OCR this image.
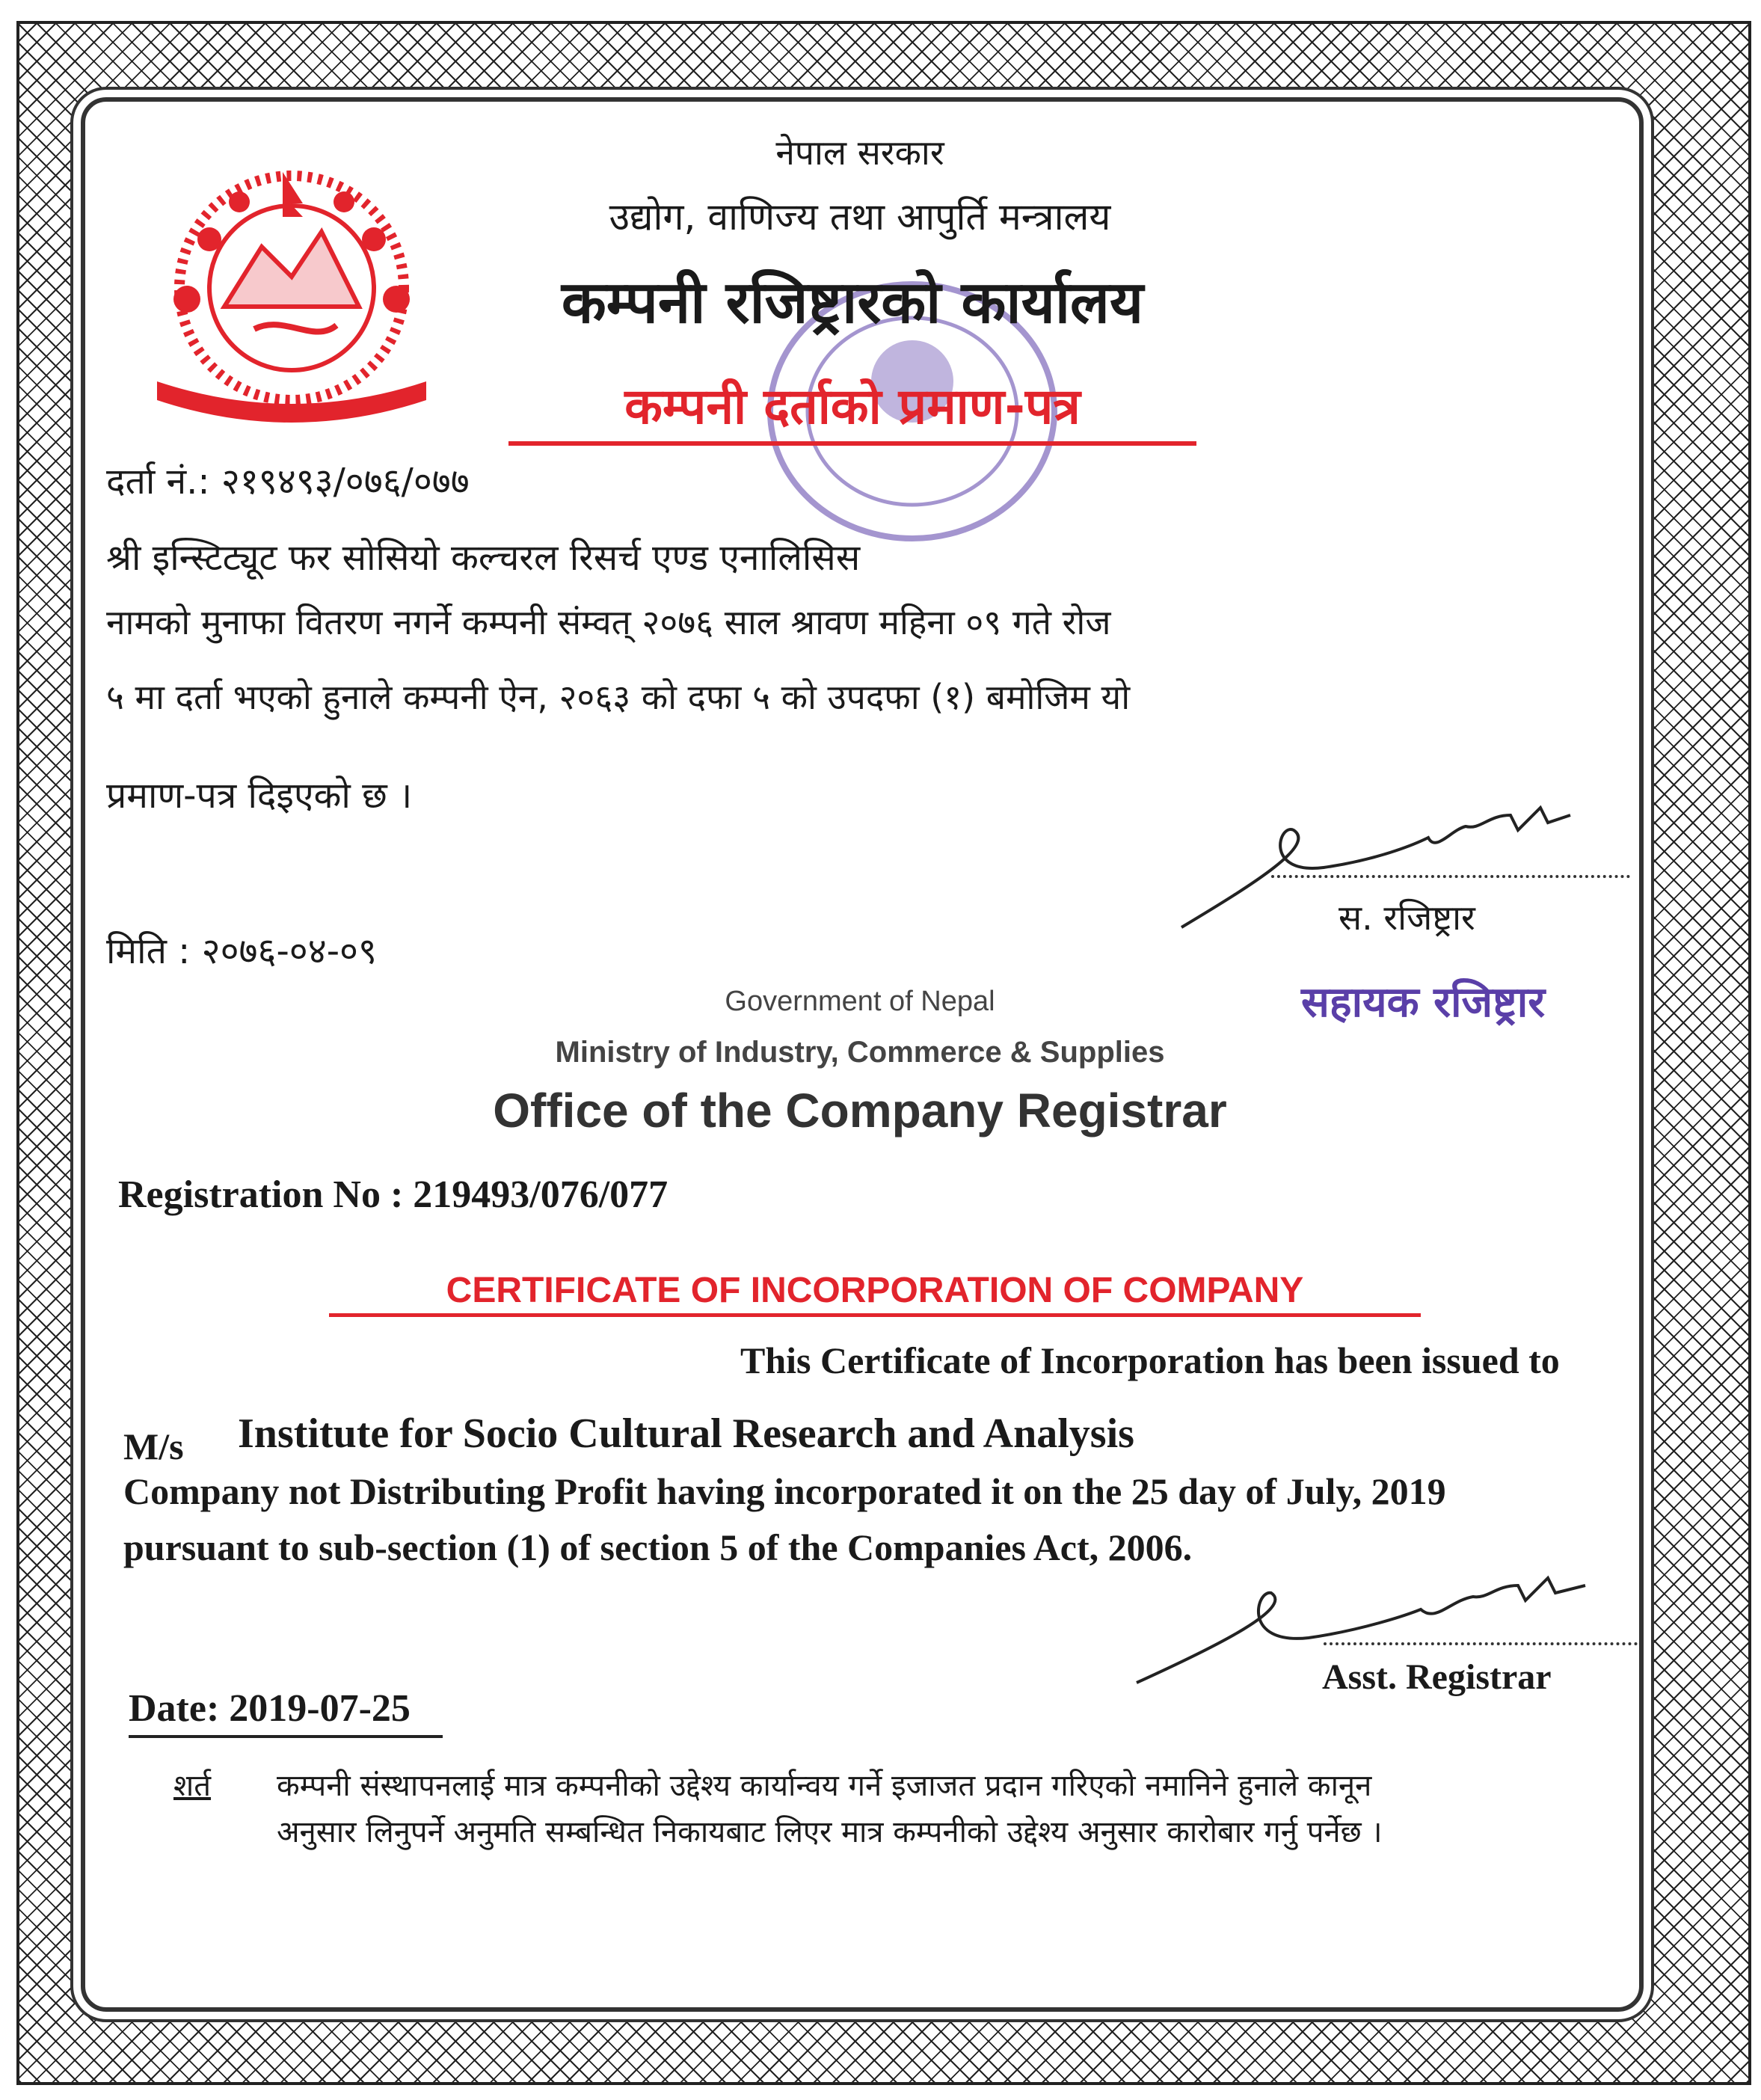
नेपाल सरकार
उद्योग, वाणिज्य तथा आपुर्ति मन्त्रालय
कम्पनी रजिष्ट्रारको कार्यालय
कम्पनी दर्ताको प्रमाण-पत्र
दर्ता नं.: २१९४९३/०७६/०७७
श्री इन्स्टिट्यूट फर सोसियो कल्चरल रिसर्च एण्ड एनालिसिस
नामको मुनाफा वितरण नगर्ने कम्पनी संम्वत् २०७६ साल श्रावण महिना ०९ गते रोज
५ मा दर्ता भएको हुनाले कम्पनी ऐन, २०६३ को दफा ५ को उपदफा (१) बमोजिम यो
प्रमाण-पत्र दिइएको छ ।
स. रजिष्ट्रार
सहायक रजिष्ट्रार
मिति : २०७६-०४-०९
Government of Nepal
Ministry of Industry, Commerce & Supplies
Office of the Company Registrar
Registration No : 219493/076/077
CERTIFICATE OF INCORPORATION OF COMPANY
This Certificate of Incorporation has been issued to
M/s Institute for Socio Cultural Research and Analysis
Company not Distributing Profit having incorporated it on the 25 day of July, 2019
pursuant to sub-section (1) of section 5 of the Companies Act, 2006.
Asst. Registrar
Date: 2019-07-25
शर्त कम्पनी संस्थापनलाई मात्र कम्पनीको उद्देश्य कार्यान्वय गर्ने इजाजत प्रदान गरिएको नमानिने हुनाले कानून
अनुसार लिनुपर्ने अनुमति सम्बन्धित निकायबाट लिएर मात्र कम्पनीको उद्देश्य अनुसार कारोबार गर्नु पर्नेछ ।
